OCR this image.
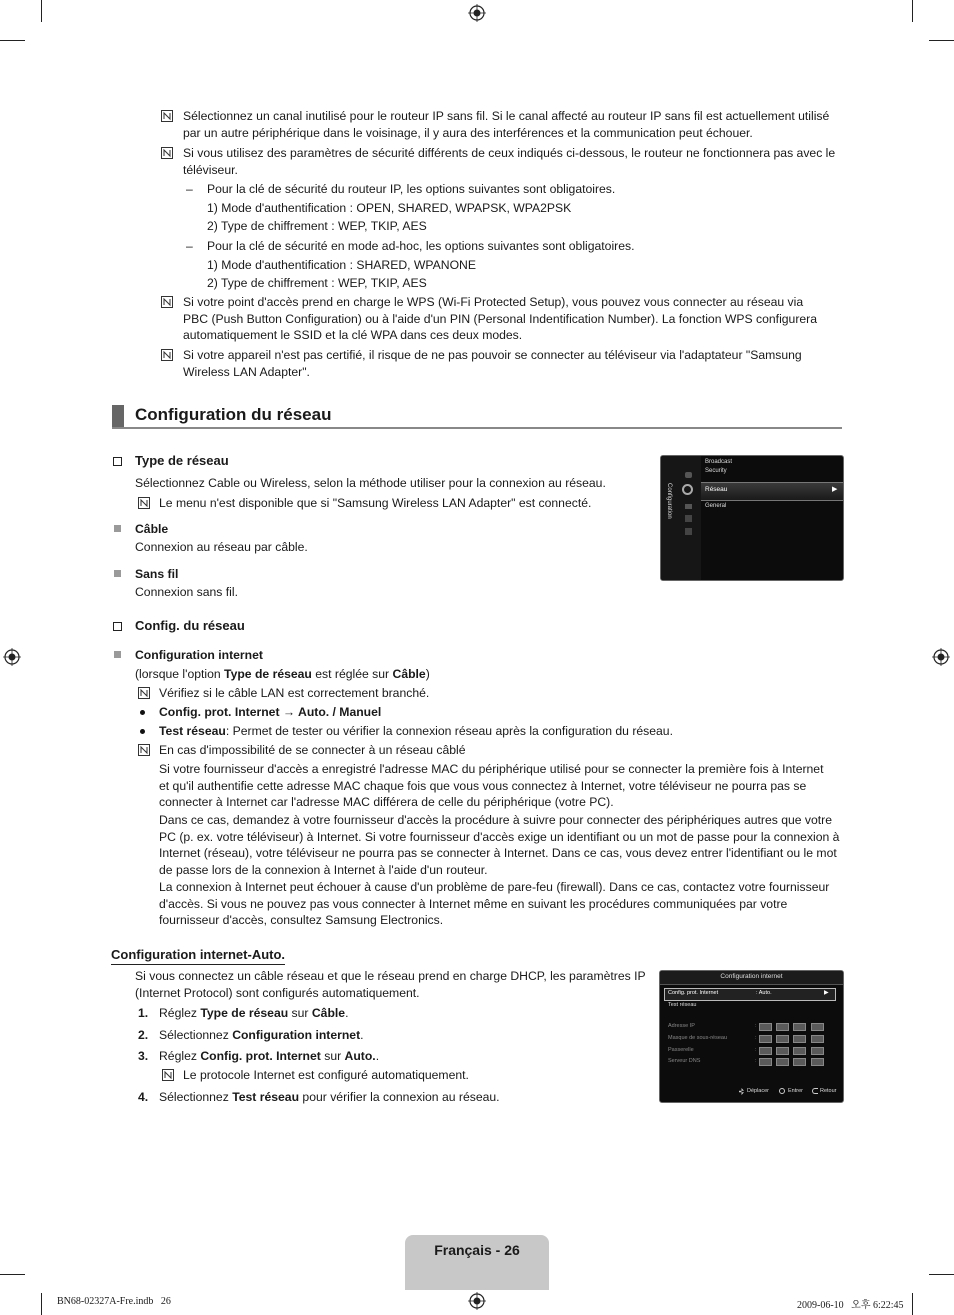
Sélectionnez un canal inutilisé pour le routeur IP sans fil. Si le canal affecté au routeur IP sans fil est actuellement utilisé
par un autre périphérique dans le voisinage, il y aura des interférences et la communication peut échouer.
Si vous utilisez des paramètres de sécurité différents de ceux indiqués ci-dessous, le routeur ne fonctionnera pas avec le
téléviseur.
– Pour la clé de sécurité du routeur IP, les options suivantes sont obligatoires.
1) Mode d'authentification : OPEN, SHARED, WPAPSK, WPA2PSK
2) Type de chiffrement : WEP, TKIP, AES
– Pour la clé de sécurité en mode ad-hoc, les options suivantes sont obligatoires.
1) Mode d'authentification : SHARED, WPANONE
2) Type de chiffrement : WEP, TKIP, AES
Si votre point d'accès prend en charge le WPS (Wi-Fi Protected Setup), vous pouvez vous connecter au réseau via
PBC (Push Button Configuration) ou à l'aide d'un PIN (Personal Indentification Number). La fonction WPS configurera
automatiquement le SSID et la clé WPA dans ces deux modes.
Si votre appareil n'est pas certifié, il risque de ne pas pouvoir se connecter au téléviseur via l'adaptateur "Samsung
Wireless LAN Adapter".
Configuration du réseau
Type de réseau
Sélectionnez Cable ou Wireless, selon la méthode utiliser pour la connexion au réseau.
Le menu n'est disponible que si "Samsung Wireless LAN Adapter" est connecté.
Câble
Connexion au réseau par câble.
Sans fil
Connexion sans fil.
Configuration
Broadcast
Security
Réseau	▶
General
Config. du réseau
Configuration internet
(lorsque l'option Type de réseau est réglée sur Câble)
Vérifiez si le câble LAN est correctement branché.
Config. prot. Internet → Auto. / Manuel
Test réseau: Permet de tester ou vérifier la connexion réseau après la configuration du réseau.
En cas d'impossibilité de se connecter à un réseau câblé
Si votre fournisseur d'accès a enregistré l'adresse MAC du périphérique utilisé pour se connecter la première fois à Internet
et qu'il authentifie cette adresse MAC chaque fois que vous vous connectez à Internet, votre téléviseur ne pourra pas se
connecter à Internet car l'adresse MAC différera de celle du périphérique (votre PC).
Dans ce cas, demandez à votre fournisseur d'accès la procédure à suivre pour connecter des périphériques autres que votre
PC (p. ex. votre téléviseur) à Internet. Si votre fournisseur d'accès exige un identifiant ou un mot de passe pour la connexion à
Internet (réseau), votre téléviseur ne pourra pas se connecter à Internet. Dans ce cas, vous devez entrer l'identifiant ou le mot
de passe lors de la connexion à Internet à l'aide d'un routeur.
La connexion à Internet peut échouer à cause d'un problème de pare-feu (firewall). Dans ce cas, contactez votre fournisseur
d'accès. Si vous ne pouvez pas vous connecter à Internet même en suivant les procédures communiquées par votre
fournisseur d'accès, consultez Samsung Electronics.
Configuration internet-Auto.
Si vous connectez un câble réseau et que le réseau prend en charge DHCP, les paramètres IP
(Internet Protocol) sont configurés automatiquement.
1. Réglez Type de réseau sur Câble.
2. Sélectionnez Configuration internet.
3. Réglez Config. prot. Internet sur Auto..
Le protocole Internet est configuré automatiquement.
4. Sélectionnez Test réseau pour vérifier la connexion au réseau.
Configuration internet
Config. prot. Internet	: Auto.	▶
Test réseau
Adresse IP
Masque de sous-réseau
Passerelle
Serveur DNS
:
:
:
:
Déplacer	Entrer	Retour
Français - 26
BN68-02327A-Fre.indb   26	2009-06-10   오후 6:22:45
